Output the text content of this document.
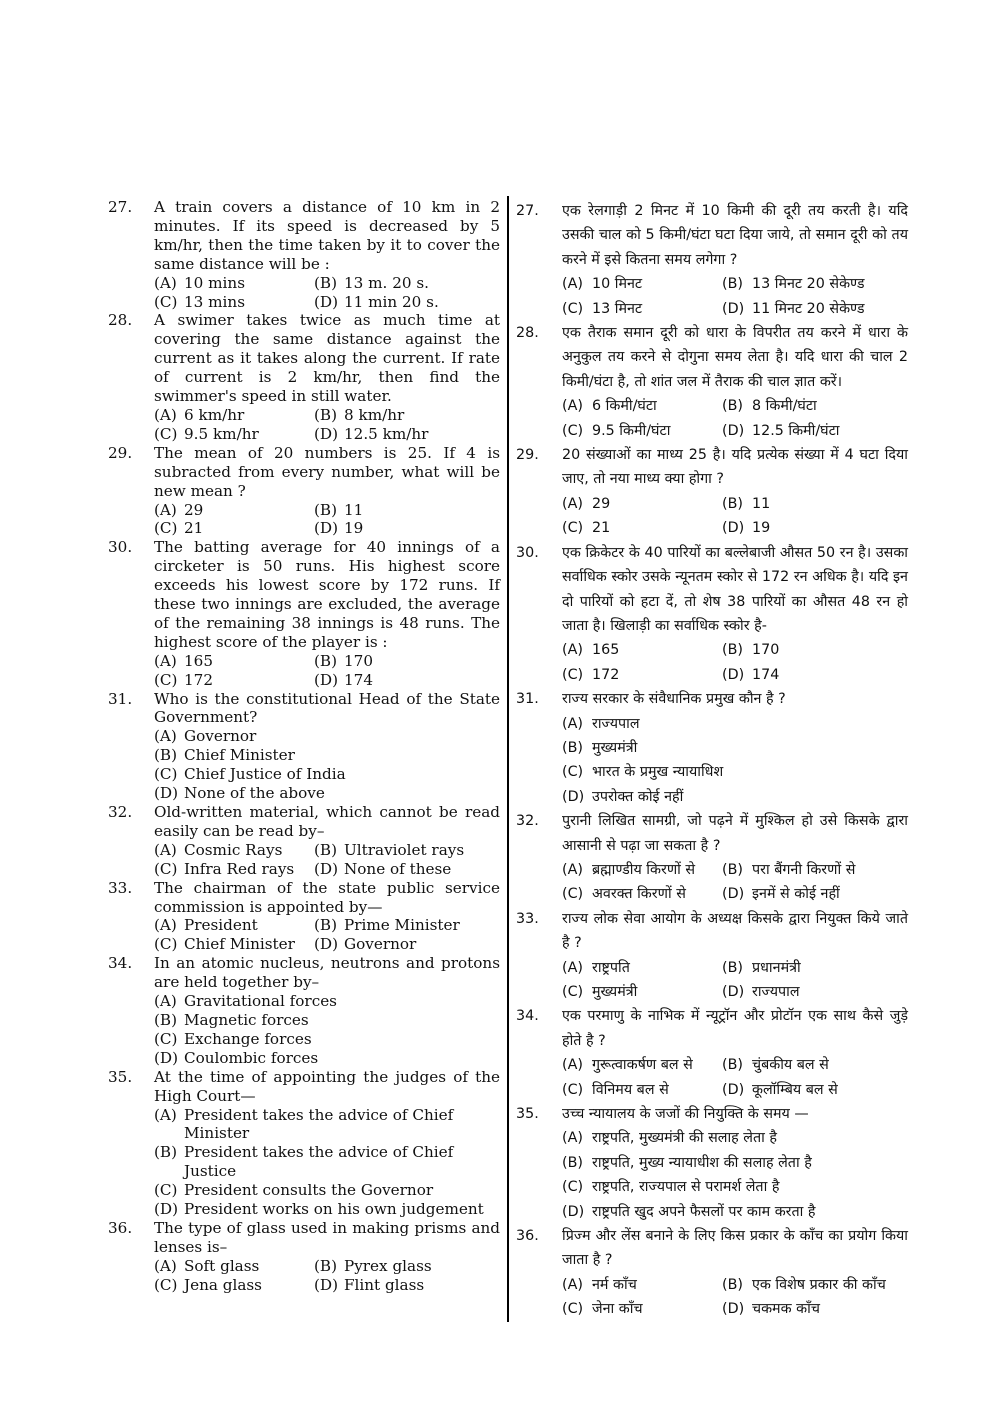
27.	A train covers a distance of 10 km in 2 minutes. If its speed is decreased by 5 km/hr, then the time taken by it to cover the same distance will be :
(A) 10 mins	(B) 13 m. 20 s.
(C) 13 mins	(D) 11 min 20 s.
28.	A swimer takes twice as much time at covering the same distance against the current as it takes along the current. If rate of current is 2 km/hr, then find the swimmer's speed in still water.
(A) 6 km/hr	(B) 8 km/hr
(C) 9.5 km/hr	(D) 12.5 km/hr
29.	The mean of 20 numbers is 25. If 4 is subracted from every number, what will be new mean ?
(A) 29	(B) 11
(C) 21	(D) 19
30.	The batting average for 40 innings of a circketer is 50 runs. His highest score exceeds his lowest score by 172 runs. If these two innings are excluded, the average of the remaining 38 innings is 48 runs. The highest score of the player is :
(A) 165	(B) 170
(C) 172	(D) 174
31.	Who is the constitutional Head of the State Government?
(A) Governor
(B) Chief Minister
(C) Chief Justice of India
(D) None of the above
32.	Old-written material, which cannot be read easily can be read by–
(A) Cosmic Rays	(B) Ultraviolet rays
(C) Infra Red rays	(D) None of these
33.	The chairman of the state public service commission is appointed by—
(A) President	(B) Prime Minister
(C) Chief Minister	(D) Governor
34.	In an atomic nucleus, neutrons and protons are held together by–
(A) Gravitational forces
(B) Magnetic forces
(C) Exchange forces
(D) Coulombic forces
35.	At the time of appointing the judges of the High Court—
(A) President takes the advice of Chief Minister
(B) President takes the advice of Chief Justice
(C) President consults the Governor
(D) President works on his own judgement
36.	The type of glass used in making prisms and lenses is–
(A) Soft glass	(B) Pyrex glass
(C) Jena glass	(D) Flint glass
27.	एक रेलगाड़ी 2 मिनट में 10 किमी की दूरी तय करती है। यदि उसकी चाल को 5 किमी/घंटा घटा दिया जाये, तो समान दूरी को तय करने में इसे कितना समय लगेगा ?
(A) 10 मिनट	(B) 13 मिनट 20 सेकेण्ड
(C) 13 मिनट	(D) 11 मिनट 20 सेकेण्ड
28.	एक तैराक समान दूरी को धारा के विपरीत तय करने में धारा के अनुकुल तय करने से दोगुना समय लेता है। यदि धारा की चाल 2 किमी/घंटा है, तो शांत जल में तैराक की चाल ज्ञात करें।
(A) 6 किमी/घंटा	(B) 8 किमी/घंटा
(C) 9.5 किमी/घंटा	(D) 12.5 किमी/घंटा
29.	20 संख्याओं का माध्य 25 है। यदि प्रत्येक संख्या में 4 घटा दिया जाए, तो नया माध्य क्या होगा ?
(A) 29	(B) 11
(C) 21	(D) 19
30.	एक क्रिकेटर के 40 पारियों का बल्लेबाजी औसत 50 रन है। उसका सर्वाधिक स्कोर उसके न्यूनतम स्कोर से 172 रन अधिक है। यदि इन दो पारियों को हटा दें, तो शेष 38 पारियों का औसत 48 रन हो जाता है। खिलाड़ी का सर्वाधिक स्कोर है-
(A) 165	(B) 170
(C) 172	(D) 174
31.	राज्य सरकार के संवैधानिक प्रमुख कौन है ?
(A) राज्यपाल
(B) मुख्यमंत्री
(C) भारत के प्रमुख न्यायाधिश
(D) उपरोक्त कोई नहीं
32.	पुरानी लिखित सामग्री, जो पढ़ने में मुश्किल हो उसे किसके द्वारा आसानी से पढ़ा जा सकता है ?
(A) ब्रह्माण्डीय किरणों से	(B) परा बैंगनी किरणों से
(C) अवरक्त किरणों से	(D) इनमें से कोई नहीं
33.	राज्य लोक सेवा आयोग के अध्यक्ष किसके द्वारा नियुक्त किये जाते है ?
(A) राष्ट्रपति	(B) प्रधानमंत्री
(C) मुख्यमंत्री	(D) राज्यपाल
34.	एक परमाणु के नाभिक में न्यूट्रॉन और प्रोटॉन एक साथ कैसे जुड़े होते है ?
(A) गुरूत्वाकर्षण बल से	(B) चुंबकीय बल से
(C) विनिमय बल से	(D) कूलॉम्बिय बल से
35.	उच्च न्यायालय के जजों की नियुक्ति के समय —
(A) राष्ट्रपति, मुख्यमंत्री की सलाह लेता है
(B) राष्ट्रपति, मुख्य न्यायाधीश की सलाह लेता है
(C) राष्ट्रपति, राज्यपाल से परामर्श लेता है
(D) राष्ट्रपति खुद अपने फैसलों पर काम करता है
36.	प्रिज्म और लेंस बनाने के लिए किस प्रकार के काँच का प्रयोग किया जाता है ?
(A) नर्म काँच	(B) एक विशेष प्रकार की काँच
(C) जेना काँच	(D) चकमक काँच
